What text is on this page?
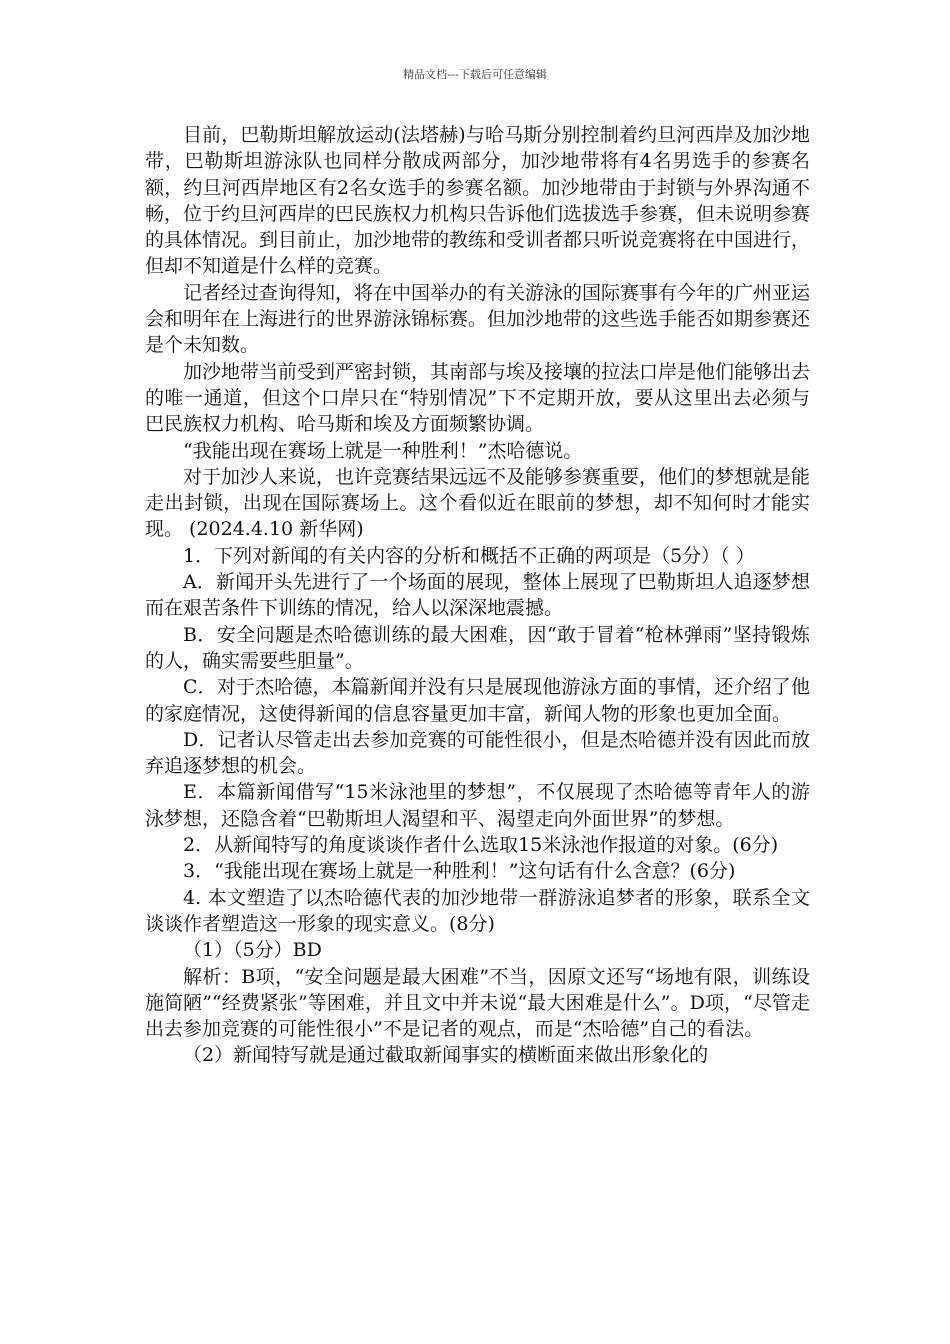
精品文档---下载后可任意编辑

目前，巴勒斯坦解放运动(法塔赫)与哈马斯分别控制着约旦河西岸及加沙地带，巴勒斯坦游泳队也同样分散成两部分，加沙地带将有4名男选手的参赛名额，约旦河西岸地区有2名女选手的参赛名额。加沙地带由于封锁与外界沟通不畅，位于约旦河西岸的巴民族权力机构只告诉他们选拔选手参赛，但未说明参赛的具体情况。到目前止，加沙地带的教练和受训者都只听说竞赛将在中国进行，但却不知道是什么样的竞赛。

记者经过查询得知，将在中国举办的有关游泳的国际赛事有今年的广州亚运会和明年在上海进行的世界游泳锦标赛。但加沙地带的这些选手能否如期参赛还是个未知数。

加沙地带当前受到严密封锁，其南部与埃及接壤的拉法口岸是他们能够出去的唯一通道，但这个口岸只在“特别情况”下不定期开放，要从这里出去必须与巴民族权力机构、哈马斯和埃及方面频繁协调。

“我能出现在赛场上就是一种胜利！”杰哈德说。

对于加沙人来说，也许竞赛结果远远不及能够参赛重要，他们的梦想就是能走出封锁，出现在国际赛场上。这个看似近在眼前的梦想，却不知何时才能实现。 (2024.4.10 新华网)

1．下列对新闻的有关内容的分析和概括不正确的两项是（5分）（ ）

A．新闻开头先进行了一个场面的展现，整体上展现了巴勒斯坦人追逐梦想而在艰苦条件下训练的情况，给人以深深地震撼。

B．安全问题是杰哈德训练的最大困难，因“敢于冒着“枪林弹雨”坚持锻炼的人，确实需要些胆量”。

C．对于杰哈德，本篇新闻并没有只是展现他游泳方面的事情，还介绍了他的家庭情况，这使得新闻的信息容量更加丰富，新闻人物的形象也更加全面。

D．记者认尽管走出去参加竞赛的可能性很小，但是杰哈德并没有因此而放弃追逐梦想的机会。

E．本篇新闻借写“15米泳池里的梦想”，不仅展现了杰哈德等青年人的游泳梦想，还隐含着“巴勒斯坦人渴望和平、渴望走向外面世界”的梦想。

2．从新闻特写的角度谈谈作者什么选取15米泳池作报道的对象。(6分)

3．“我能出现在赛场上就是一种胜利！”这句话有什么含意？(6分)

4. 本文塑造了以杰哈德代表的加沙地带一群游泳追梦者的形象，联系全文谈谈作者塑造这一形象的现实意义。(8分)

（1）（5分）BD

解析：B项，“安全问题是最大困难”不当，因原文还写“场地有限，训练设施简陋”“经费紧张”等困难，并且文中并未说“最大困难是什么”。D项，“尽管走出去参加竞赛的可能性很小”不是记者的观点，而是“杰哈德”自己的看法。

（2）新闻特写就是通过截取新闻事实的横断面来做出形象化的
